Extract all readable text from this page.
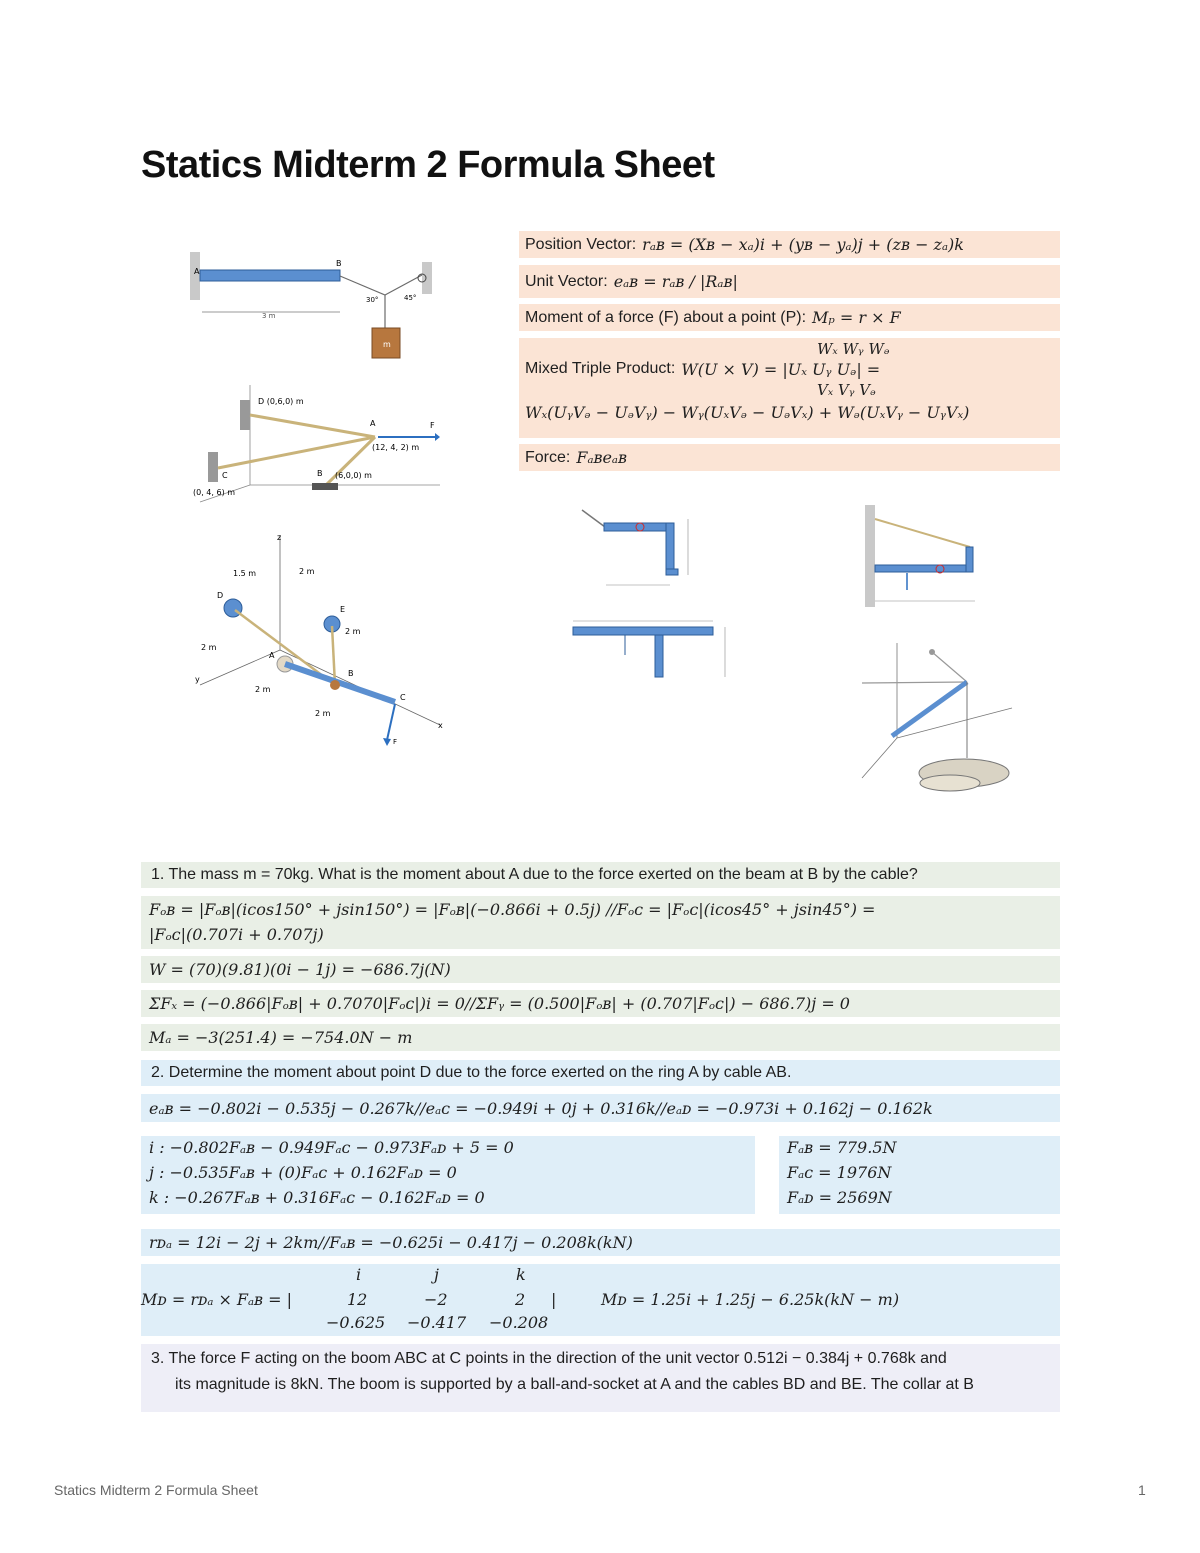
Statics Midterm 2 Formula Sheet
A
B
3 m
30°	45°
m
D (0,6,0) m
A	F
(12, 4, 2) m
C
(0, 4, 6) m
B (6,0,0) m
z
x
y
1.5 m	2 m
D
E
2 m
2 m
A
B
C
F
2 m
2 m
Position Vector: rₐʙ = (Xʙ − xₐ)i + (yʙ − yₐ)j + (zʙ − zₐ)k
Unit Vector: eₐʙ = rₐʙ / |Rₐʙ|
Moment of a force (F) about a point (P): Mₚ = r × F
Wₓ Wᵧ Wₔ
Mixed Triple Product: W(U × V) = |Uₓ Uᵧ Uₔ| =
Vₓ Vᵧ Vₔ
Wₓ(UᵧVₔ − UₔVᵧ) − Wᵧ(UₓVₔ − UₔVₓ) + Wₔ(UₓVᵧ − UᵧVₓ)
Force: Fₐʙeₐʙ
1. The mass m = 70kg. What is the moment about A due to the force exerted on the beam at B by the cable?
Fₒʙ = |Fₒʙ|(icos150° + jsin150°) = |Fₒʙ|(−0.866i + 0.5j) //Fₒᴄ = |Fₒᴄ|(icos45° + jsin45°) =
|Fₒᴄ|(0.707i + 0.707j)
W = (70)(9.81)(0i − 1j) = −686.7j(N)
ΣFₓ = (−0.866|Fₒʙ| + 0.7070|Fₒᴄ|)i = 0//ΣFᵧ = (0.500|Fₒʙ| + (0.707|Fₒᴄ|) − 686.7)j = 0
Mₐ = −3(251.4) = −754.0N − m
2. Determine the moment about point D due to the force exerted on the ring A by cable AB.
eₐʙ = −0.802i − 0.535j − 0.267k//eₐᴄ = −0.949i + 0j + 0.316k//eₐᴅ = −0.973i + 0.162j − 0.162k
i : −0.802Fₐʙ − 0.949Fₐᴄ − 0.973Fₐᴅ + 5 = 0
j : −0.535Fₐʙ + (0)Fₐᴄ + 0.162Fₐᴅ = 0
k : −0.267Fₐʙ + 0.316Fₐᴄ − 0.162Fₐᴅ = 0
Fₐʙ = 779.5N
Fₐᴄ = 1976N
Fₐᴅ = 2569N
rᴅₐ = 12i − 2j + 2km//Fₐʙ = −0.625i − 0.417j − 0.208k(kN)
i	j	k
Mᴅ = rᴅₐ × Fₐʙ = |	12	−2	2 |
−0.625 −0.417 −0.208
Mᴅ = 1.25i + 1.25j − 6.25k(kN − m)
3. The force F acting on the boom ABC at C points in the direction of the unit vector 0.512i − 0.384j + 0.768k and
its magnitude is 8kN. The boom is supported by a ball-and-socket at A and the cables BD and BE. The collar at B
Statics Midterm 2 Formula Sheet	1
